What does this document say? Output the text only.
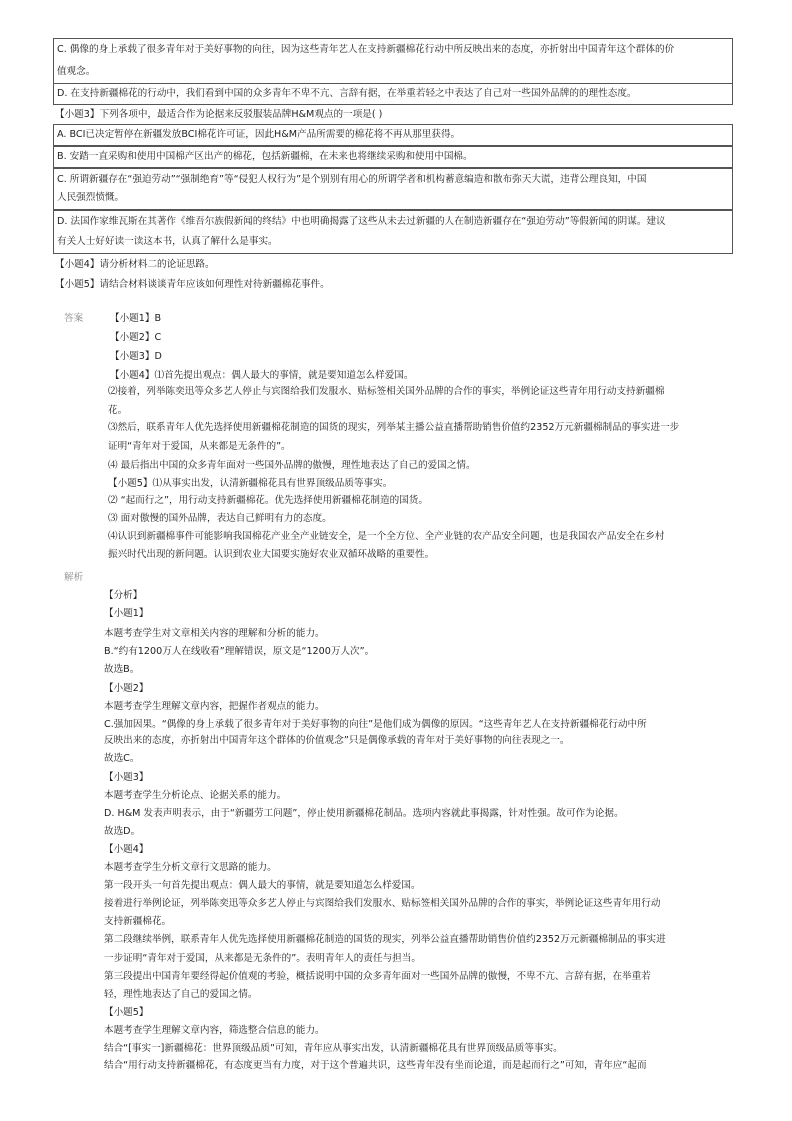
C. 偶像的身上承载了很多青年对于美好事物的向往，因为这些青年艺人在支持新疆棉花行动中所反映出来的态度，亦折射出中国青年这个群体的价
值观念。
D. 在支持新疆棉花的行动中，我们看到中国的众多青年不卑不亢、言辞有据，在举重若轻之中表达了自己对一些国外品牌的的理性态度。
【小题3】下列各项中，最适合作为论据来反驳服装品牌H&M观点的一项是( )
A. BCI已决定暂停在新疆发放BCI棉花许可证，因此H&M产品所需要的棉花将不再从那里获得。
B. 安踏一直采购和使用中国棉产区出产的棉花，包括新疆棉，在未来也将继续采购和使用中国棉。
C. 所谓新疆存在“强迫劳动”“强制绝育”等“侵犯人权行为”是个别别有用心的所谓学者和机构蓄意编造和散布弥天大谎，违背公理良知，中国
人民强烈愤慨。
D. 法国作家维瓦斯在其著作《维吾尔族假新闻的终结》中也明确揭露了这些从未去过新疆的人在制造新疆存在“强迫劳动”等假新闻的阴谋。建议
有关人士好好读一读这本书，认真了解什么是事实。
【小题4】请分析材料二的论证思路。
【小题5】请结合材料谈谈青年应该如何理性对待新疆棉花事件。
答案	【小题1】B
【小题2】C
【小题3】D
【小题4】⑴首先提出观点：偶人最大的事情，就是要知道怎么样爱国。
⑵接着，列举陈奕迅等众多艺人停止与宾图给我们发服水、贴标签相关国外品牌的合作的事实，举例论证这些青年用行动支持新疆棉
花。
⑶然后，联系青年人优先选择使用新疆棉花制造的国货的现实，列举某主播公益直播帮助销售价值约2352万元新疆棉制品的事实进一步
证明“青年对于爱国，从来都是无条件的”。
⑷ 最后指出中国的众多青年面对一些国外品牌的傲慢，理性地表达了自己的爱国之情。
【小题5】⑴从事实出发，认清新疆棉花具有世界顶级品质等事实。
⑵ “起而行之”，用行动支持新疆棉花。优先选择使用新疆棉花制造的国货。
⑶ 面对傲慢的国外品牌，表达自己鲜明有力的态度。
⑷认识到新疆棉事件可能影响我国棉花产业全产业链安全，是一个全方位、全产业链的农产品安全问题，也是我国农产品安全在乡村
振兴时代出现的新问题。认识到农业大国要实施好农业双循环战略的重要性。
解析
【分析】
【小题1】
本题考查学生对文章相关内容的理解和分析的能力。
B.“约有1200万人在线收看”理解错误，原文是“1200万人次”。
故选B。
【小题2】
本题考查学生理解文章内容，把握作者观点的能力。
C.强加因果。“偶像的身上承载了很多青年对于美好事物的向往”是他们成为偶像的原因。“这些青年艺人在支持新疆棉花行动中所
反映出来的态度，亦折射出中国青年这个群体的价值观念”只是偶像承载的青年对于美好事物的向往表现之一。
故选C。
【小题3】
本题考查学生分析论点、论据关系的能力。
D. H&M 发表声明表示，由于“新疆劳工问题”，停止使用新疆棉花制品。选项内容就此事揭露，针对性强。故可作为论据。
故选D。
【小题4】
本题考查学生分析文章行文思路的能力。
第一段开头一句首先提出观点：偶人最大的事情，就是要知道怎么样爱国。
接着进行举例论证，列举陈奕迅等众多艺人停止与宾图给我们发服水、贴标签相关国外品牌的合作的事实，举例论证这些青年用行动
支持新疆棉花。
第二段继续举例，联系青年人优先选择使用新疆棉花制造的国货的现实，列举公益直播帮助销售价值约2352万元新疆棉制品的事实进
一步证明“青年对于爱国，从来都是无条件的”。表明青年人的责任与担当。
第三段提出中国青年要经得起价值观的考验，概括说明中国的众多青年面对一些国外品牌的傲慢，不卑不亢、言辞有据，在举重若
轻，理性地表达了自己的爱国之情。
【小题5】
本题考查学生理解文章内容，筛选整合信息的能力。
结合“[事实一]新疆棉花：世界顶级品质”可知，青年应从事实出发，认清新疆棉花具有世界顶级品质等事实。
结合“用行动支持新疆棉花，有态度更当有力度，对于这个普遍共识，这些青年没有坐而论道，而是起而行之”可知，青年应“起而
